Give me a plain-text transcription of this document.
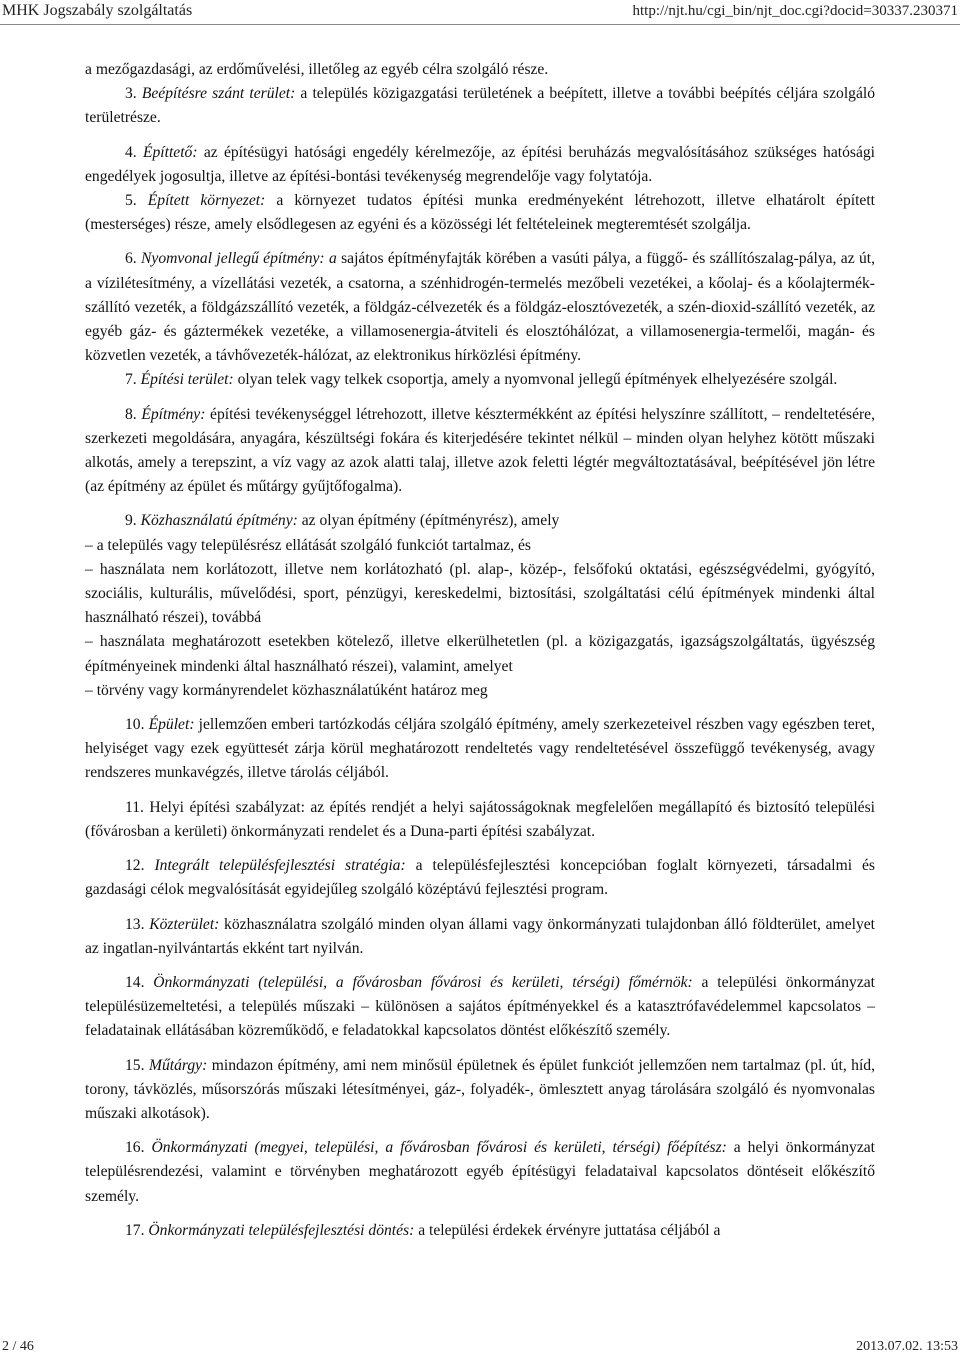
MHK Jogszabály szolgáltatás	http://njt.hu/cgi_bin/njt_doc.cgi?docid=30337.230371

a mezőgazdasági, az erdőművelési, illetőleg az egyéb célra szolgáló része.

3. Beépítésre szánt terület: a település közigazgatási területének a beépített, illetve a további beépítés céljára szolgáló területrésze.

4. Építtető: az építésügyi hatósági engedély kérelmezője, az építési beruházás megvalósításához szükséges hatósági engedélyek jogosultja, illetve az építési-bontási tevékenység megrendelője vagy folytatója.

5. Épített környezet: a környezet tudatos építési munka eredményeként létrehozott, illetve elhatárolt épített (mesterséges) része, amely elsődlegesen az egyéni és a közösségi lét feltételeinek megteremtését szolgálja.

6. Nyomvonal jellegű építmény: a sajátos építményfajták körében a vasúti pálya, a függő- és szállítószalag-pálya, az út, a vízilétesítmény, a vízellátási vezeték, a csatorna, a szénhidrogén-termelés mezőbeli vezetékei, a kőolaj- és a kőolajtermék-szállító vezeték, a földgázszállító vezeték, a földgáz-célvezeték és a földgáz-elosztóvezeték, a szén-dioxid-szállító vezeték, az egyéb gáz- és gáztermékek vezetéke, a villamosenergia-átviteli és elosztóhálózat, a villamosenergia-termelői, magán- és közvetlen vezeték, a távhővezeték-hálózat, az elektronikus hírközlési építmény.

7. Építési terület: olyan telek vagy telkek csoportja, amely a nyomvonal jellegű építmények elhelyezésére szolgál.

8. Építmény: építési tevékenységgel létrehozott, illetve késztermékként az építési helyszínre szállított, – rendeltetésére, szerkezeti megoldására, anyagára, készültségi fokára és kiterjedésére tekintet nélkül – minden olyan helyhez kötött műszaki alkotás, amely a terepszint, a víz vagy az azok alatti talaj, illetve azok feletti légtér megváltoztatásával, beépítésével jön létre (az építmény az épület és műtárgy gyűjtőfogalma).

9. Közhasználatú építmény: az olyan építmény (építményrész), amely

– a település vagy településrész ellátását szolgáló funkciót tartalmaz, és

– használata nem korlátozott, illetve nem korlátozható (pl. alap-, közép-, felsőfokú oktatási, egészségvédelmi, gyógyító, szociális, kulturális, művelődési, sport, pénzügyi, kereskedelmi, biztosítási, szolgáltatási célú építmények mindenki által használható részei), továbbá

– használata meghatározott esetekben kötelező, illetve elkerülhetetlen (pl. a közigazgatás, igazságszolgáltatás, ügyészség építményeinek mindenki által használható részei), valamint, amelyet

– törvény vagy kormányrendelet közhasználatúként határoz meg

10. Épület: jellemzően emberi tartózkodás céljára szolgáló építmény, amely szerkezeteivel részben vagy egészben teret, helyiséget vagy ezek együttesét zárja körül meghatározott rendeltetés vagy rendeltetésével összefüggő tevékenység, avagy rendszeres munkavégzés, illetve tárolás céljából.

11. Helyi építési szabályzat: az építés rendjét a helyi sajátosságoknak megfelelően megállapító és biztosító települési (fővárosban a kerületi) önkormányzati rendelet és a Duna-parti építési szabályzat.

12. Integrált településfejlesztési stratégia: a településfejlesztési koncepcióban foglalt környezeti, társadalmi és gazdasági célok megvalósítását egyidejűleg szolgáló középtávú fejlesztési program.

13. Közterület: közhasználatra szolgáló minden olyan állami vagy önkormányzati tulajdonban álló földterület, amelyet az ingatlan-nyilvántartás ekként tart nyilván.

14. Önkormányzati (települési, a fővárosban fővárosi és kerületi, térségi) főmérnök: a települési önkormányzat településüzemeltetési, a település műszaki – különösen a sajátos építményekkel és a katasztrófavédelemmel kapcsolatos – feladatainak ellátásában közreműködő, e feladatokkal kapcsolatos döntést előkészítő személy.

15. Műtárgy: mindazon építmény, ami nem minősül épületnek és épület funkciót jellemzően nem tartalmaz (pl. út, híd, torony, távközlés, műsorszórás műszaki létesítményei, gáz-, folyadék-, ömlesztett anyag tárolására szolgáló és nyomvonalas műszaki alkotások).

16. Önkormányzati (megyei, települési, a fővárosban fővárosi és kerületi, térségi) főépítész: a helyi önkormányzat településrendezési, valamint e törvényben meghatározott egyéb építésügyi feladataival kapcsolatos döntéseit előkészítő személy.

17. Önkormányzati településfejlesztési döntés: a települési érdekek érvényre juttatása céljából a

2 / 46	2013.07.02. 13:53
